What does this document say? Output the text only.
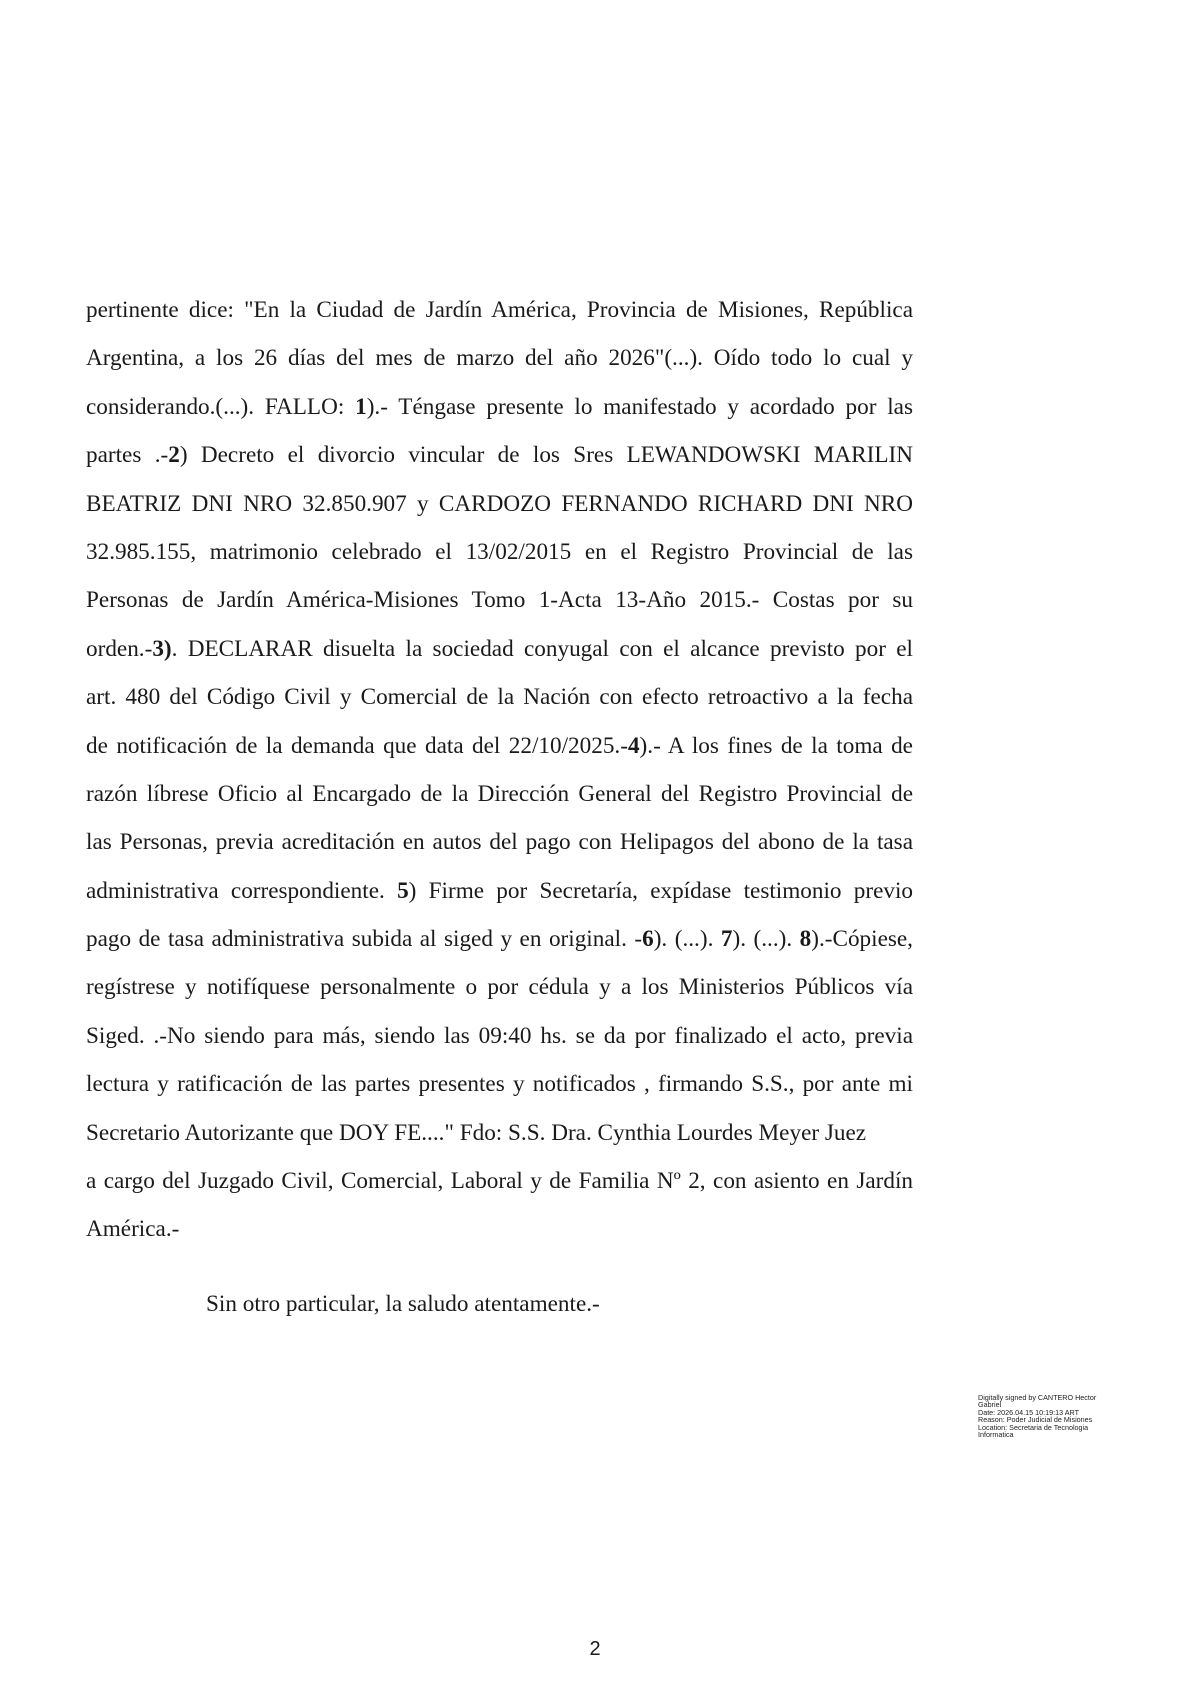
pertinente dice: "En la Ciudad de Jardín América, Provincia de Misiones, República
Argentina, a los 26 días del mes de marzo del año 2026"(...). Oído todo lo cual y
considerando.(...). FALLO: 1).- Téngase presente lo manifestado y acordado por las
partes .-2) Decreto el divorcio vincular de los Sres LEWANDOWSKI MARILIN
BEATRIZ DNI NRO 32.850.907 y CARDOZO FERNANDO RICHARD DNI NRO
32.985.155, matrimonio celebrado el 13/02/2015 en el Registro Provincial de las
Personas de Jardín América-Misiones Tomo 1-Acta 13-Año 2015.- Costas por su
orden.-3). DECLARAR disuelta la sociedad conyugal con el alcance previsto por el
art. 480 del Código Civil y Comercial de la Nación con efecto retroactivo a la fecha
de notificación de la demanda que data del 22/10/2025.-4).- A los fines de la toma de
razón líbrese Oficio al Encargado de la Dirección General del Registro Provincial de
las Personas, previa acreditación en autos del pago con Helipagos del abono de la tasa
administrativa correspondiente. 5) Firme por Secretaría, expídase testimonio previo
pago de tasa administrativa subida al siged y en original. -6). (...). 7). (...). 8).-Cópiese,
regístrese y notifíquese personalmente o por cédula y a los Ministerios Públicos vía
Siged. .-No siendo para más, siendo las 09:40 hs. se da por finalizado el acto, previa
lectura y ratificación de las partes presentes y notificados , firmando S.S., por ante mi
Secretario Autorizante que DOY FE...." Fdo: S.S. Dra. Cynthia Lourdes Meyer Juez
a cargo del Juzgado Civil, Comercial, Laboral y de Familia Nº 2, con asiento en Jardín
América.-

Sin otro particular, la saludo atentamente.-

Digitally signed by CANTERO Hector
Gabriel
Date: 2026.04.15 10:19:13 ART
Reason: Poder Judicial de Misiones
Location: Secretaria de Tecnologia
Informatica
2
